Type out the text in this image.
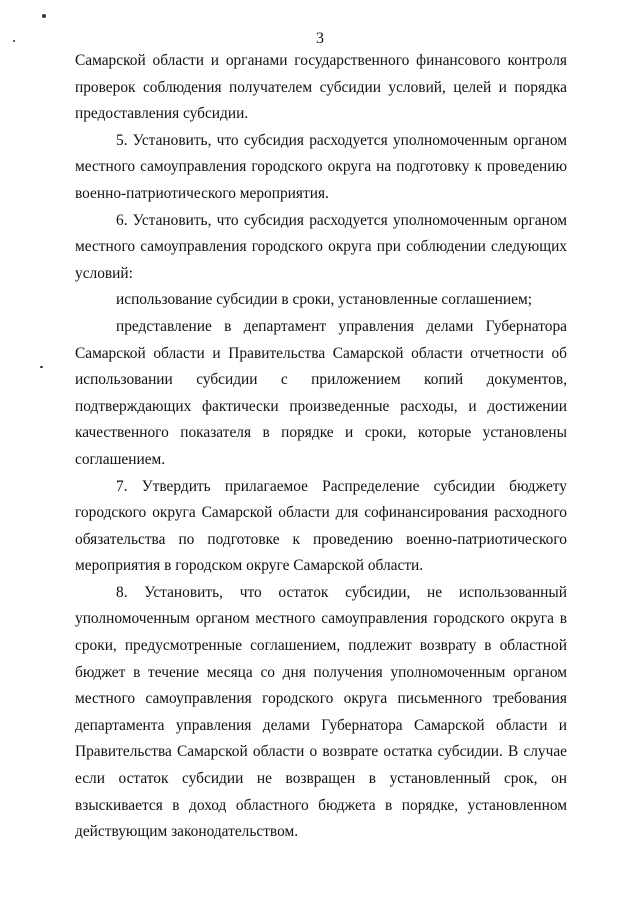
3

Самарской области и органами государственного финансового контроля проверок соблюдения получателем субсидии условий, целей и порядка предоставления субсидии.

5. Установить, что субсидия расходуется уполномоченным органом местного самоуправления городского округа на подготовку к проведению военно-патриотического мероприятия.

6. Установить, что субсидия расходуется уполномоченным органом местного самоуправления городского округа при соблюдении следующих условий:

использование субсидии в сроки, установленные соглашением;

представление в департамент управления делами Губернатора Самарской области и Правительства Самарской области отчетности об использовании субсидии с приложением копий документов, подтверждающих фактически произведенные расходы, и достижении качественного показателя в порядке и сроки, которые установлены соглашением.

7. Утвердить прилагаемое Распределение субсидии бюджету городского округа Самарской области для софинансирования расходного обязательства по подготовке к проведению военно-патриотического мероприятия в городском округе Самарской области.

8. Установить, что остаток субсидии, не использованный уполномоченным органом местного самоуправления городского округа в сроки, предусмотренные соглашением, подлежит возврату в областной бюджет в течение месяца со дня получения уполномоченным органом местного самоуправления городского округа письменного требования департамента управления делами Губернатора Самарской области и Правительства Самарской области о возврате остатка субсидии. В случае если остаток субсидии не возвращен в установленный срок, он взыскивается в доход областного бюджета в порядке, установленном действующим законодательством.
